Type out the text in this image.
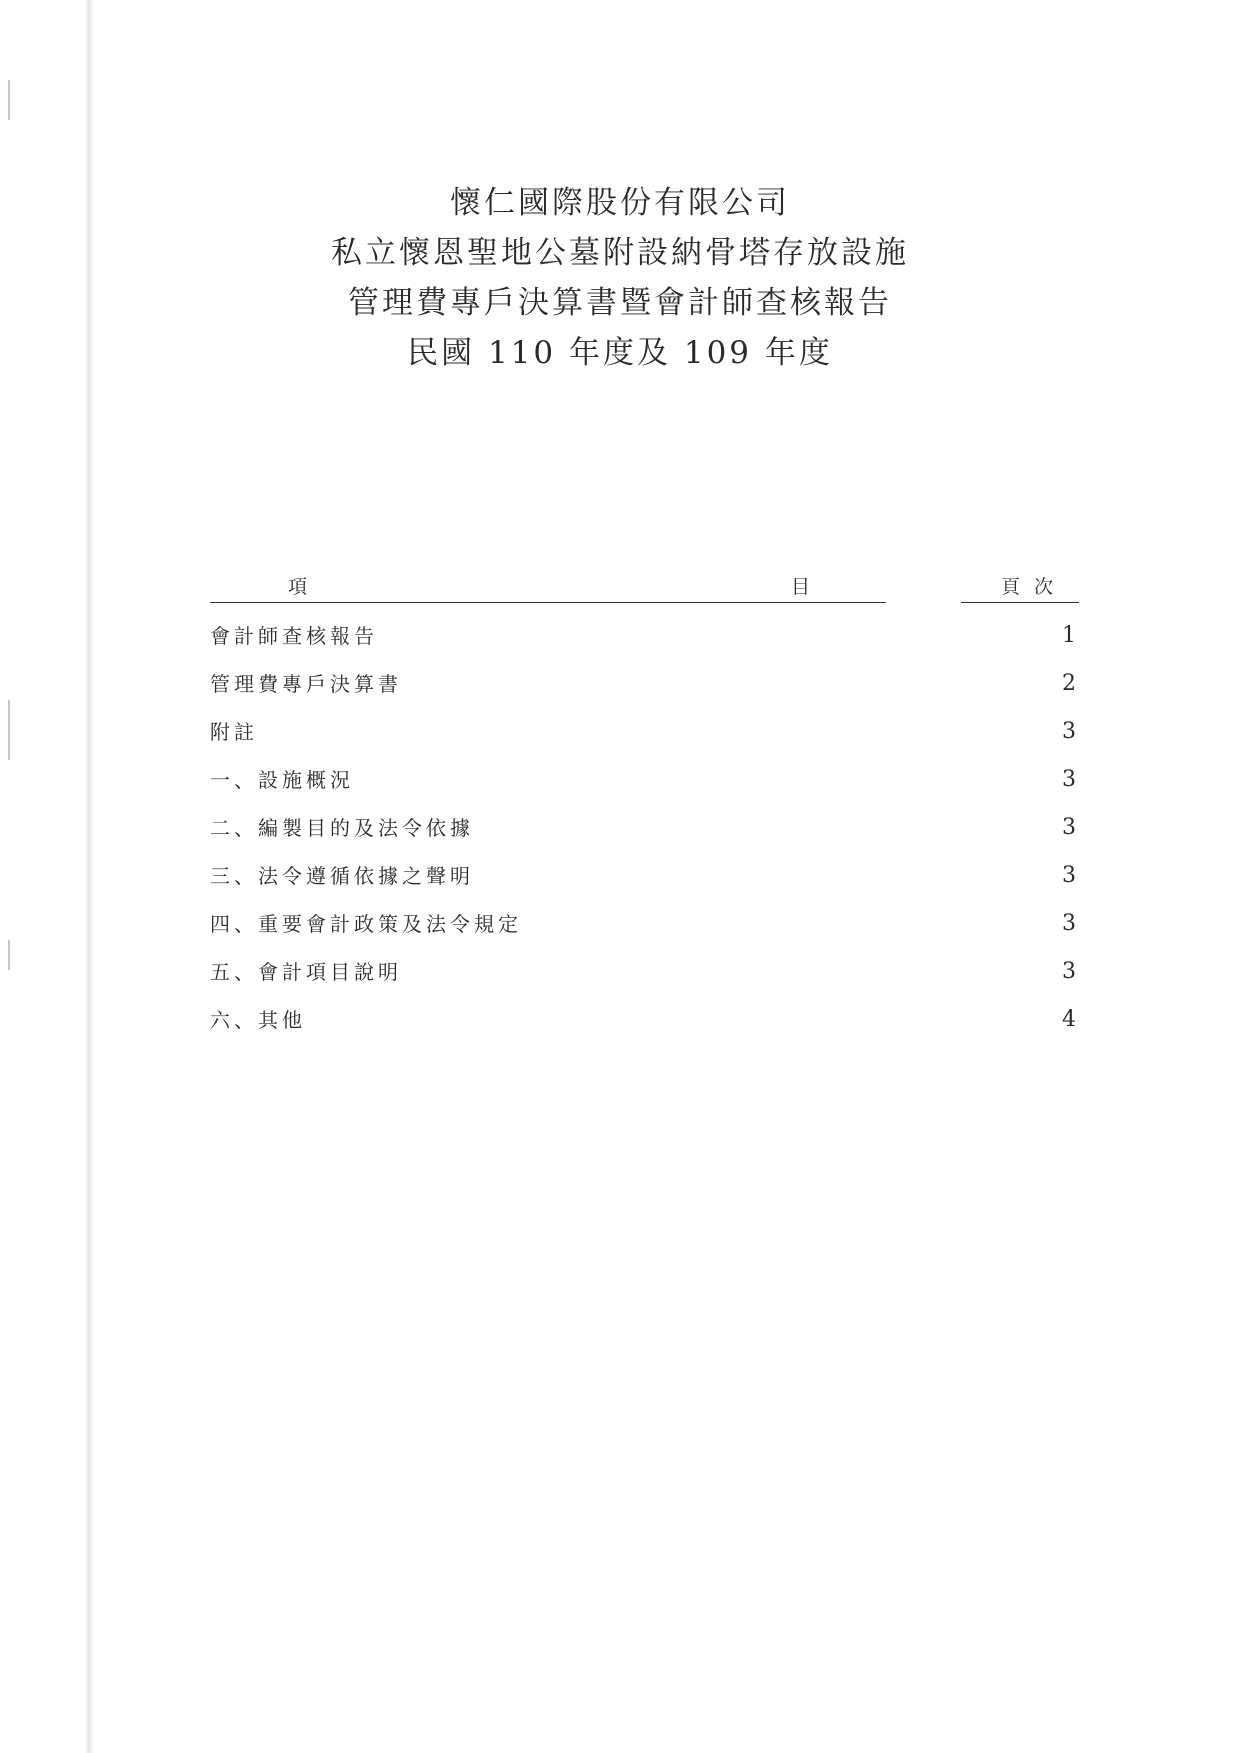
懷仁國際股份有限公司
私立懷恩聖地公墓附設納骨塔存放設施
管理費專戶決算書暨會計師查核報告
民國 110 年度及 109 年度
項	目	頁次
會計師查核報告	1
管理費專戶決算書	2
附註	3
一、設施概況	3
二、編製目的及法令依據	3
三、法令遵循依據之聲明	3
四、重要會計政策及法令規定	3
五、會計項目說明	3
六、其他	4
